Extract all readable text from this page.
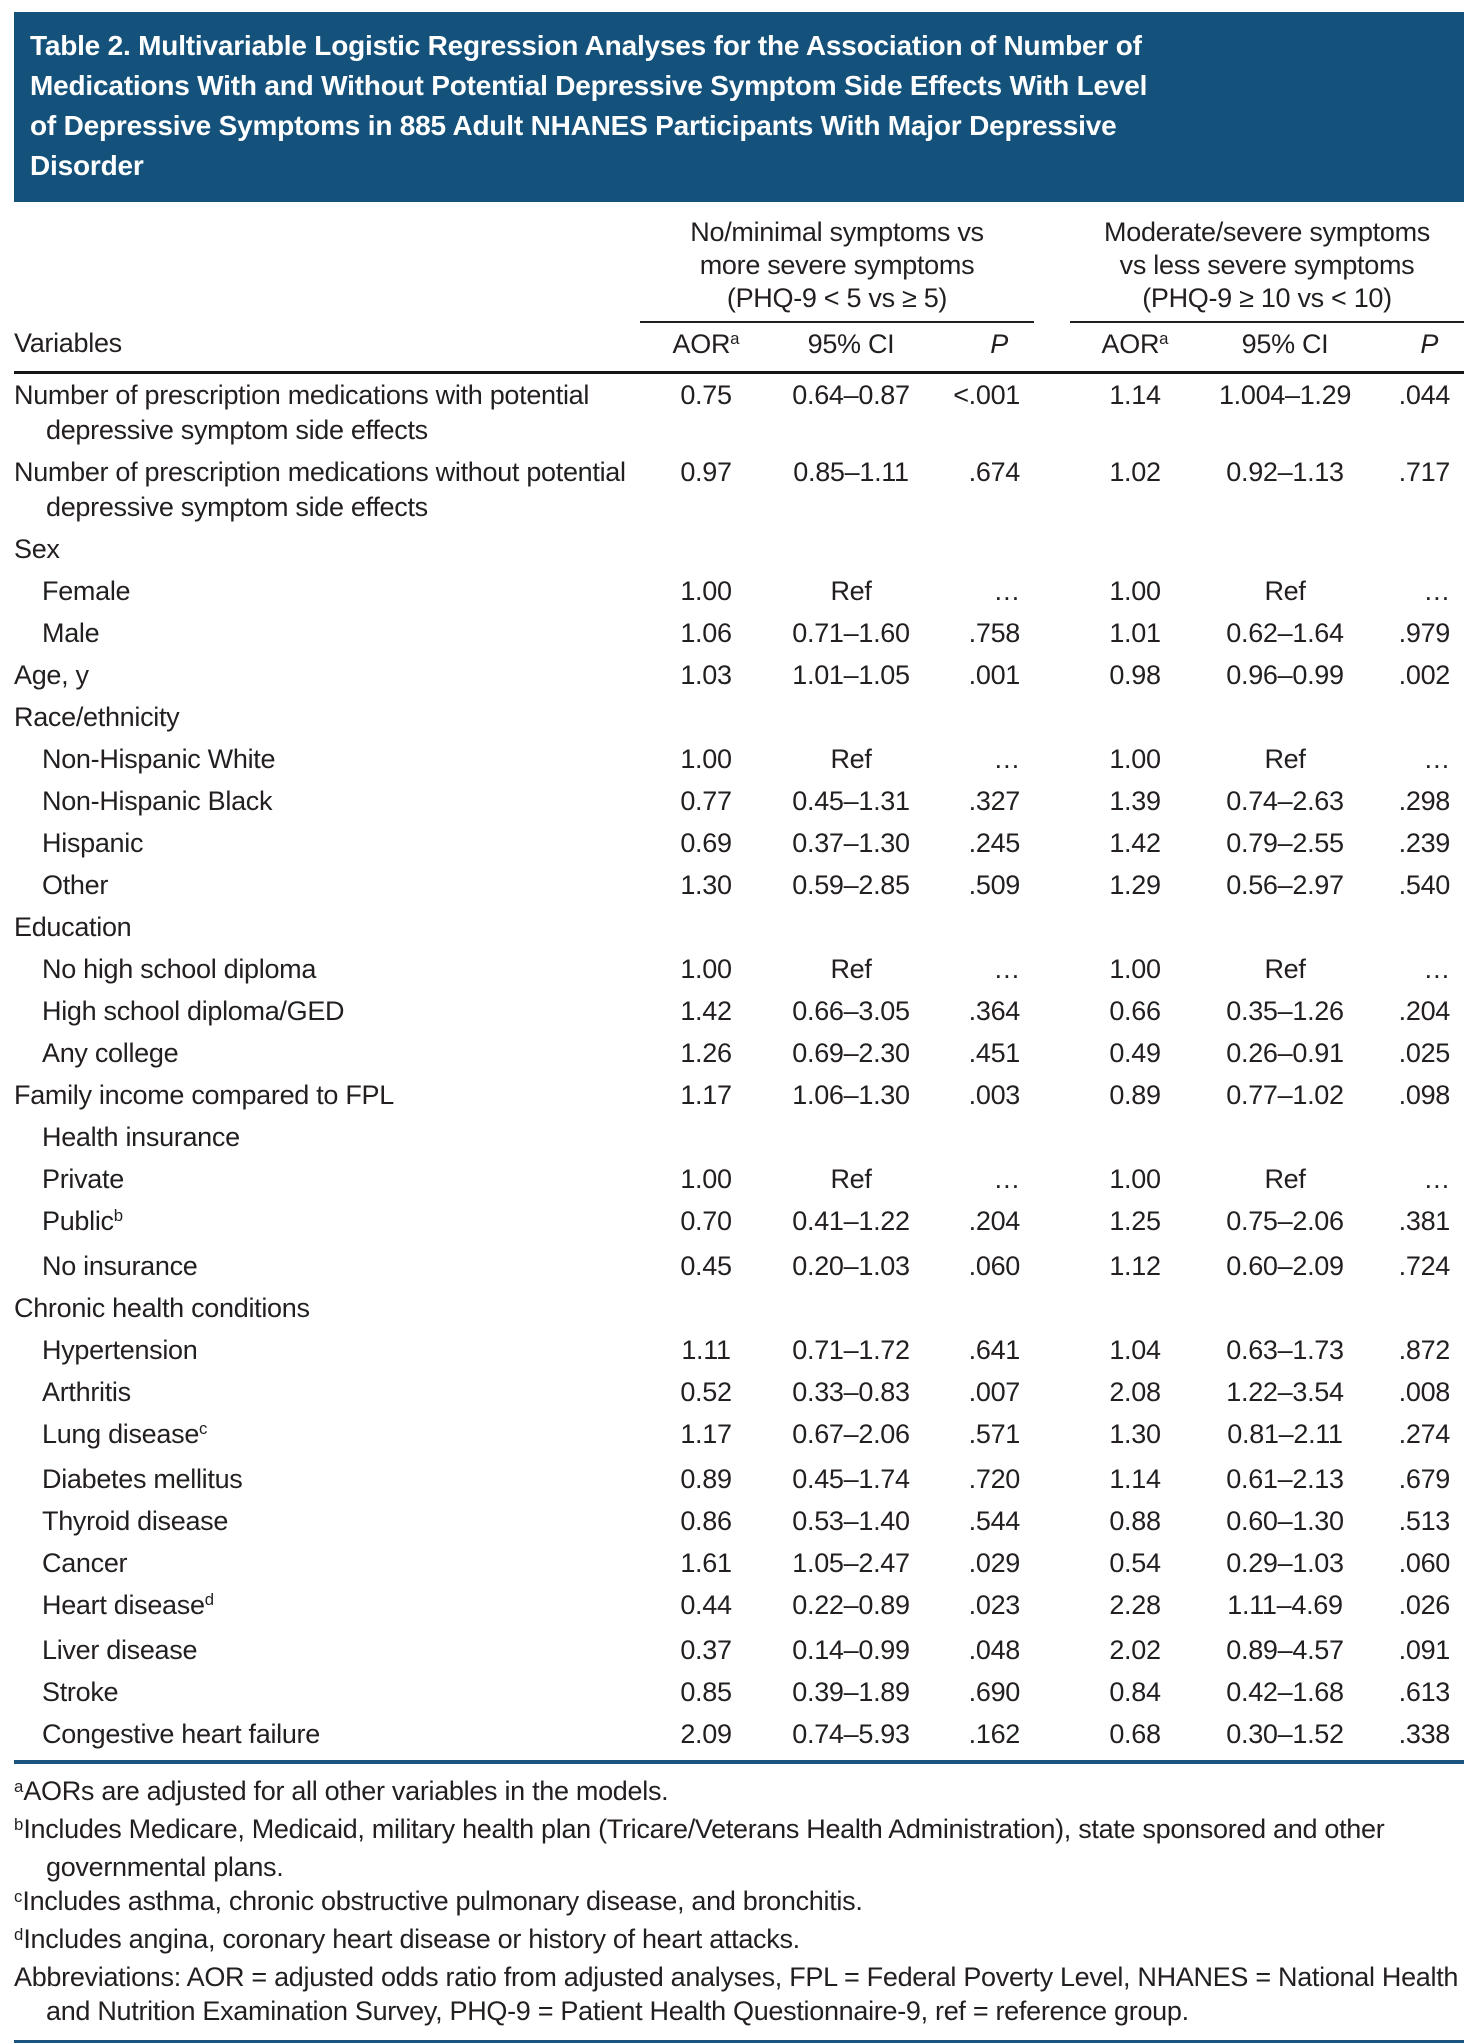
Table 2. Multivariable Logistic Regression Analyses for the Association of Number of
Medications With and Without Potential Depressive Symptom Side Effects With Level
of Depressive Symptoms in 885 Adult NHANES Participants With Major Depressive
Disorder

No/minimal symptoms vs
more severe symptoms
(PHQ-9 < 5 vs ≥ 5)

Moderate/severe symptoms
vs less severe symptoms
(PHQ-9 ≥ 10 vs < 10)

Variables	AOR$^a$	95% CI	P		AOR$^a$	95% CI	P
Number of prescription medications with potential depressive symptom side effects	0.75	0.64–0.87	<.001		1.14	1.004–1.29	.044
Number of prescription medications without potential depressive symptom side effects	0.97	0.85–1.11	.674		1.02	0.92–1.13	.717
Sex							
Female	1.00	Ref	…		1.00	Ref	…
Male	1.06	0.71–1.60	.758		1.01	0.62–1.64	.979
Age, y	1.03	1.01–1.05	.001		0.98	0.96–0.99	.002
Race/ethnicity							
Non-Hispanic White	1.00	Ref	…		1.00	Ref	…
Non-Hispanic Black	0.77	0.45–1.31	.327		1.39	0.74–2.63	.298
Hispanic	0.69	0.37–1.30	.245		1.42	0.79–2.55	.239
Other	1.30	0.59–2.85	.509		1.29	0.56–2.97	.540
Education							
No high school diploma	1.00	Ref	…		1.00	Ref	…
High school diploma/GED	1.42	0.66–3.05	.364		0.66	0.35–1.26	.204
Any college	1.26	0.69–2.30	.451		0.49	0.26–0.91	.025
Family income compared to FPL	1.17	1.06–1.30	.003		0.89	0.77–1.02	.098
Health insurance							
Private	1.00	Ref	…		1.00	Ref	…
Public$^b$	0.70	0.41–1.22	.204		1.25	0.75–2.06	.381
No insurance	0.45	0.20–1.03	.060		1.12	0.60–2.09	.724
Chronic health conditions							
Hypertension	1.11	0.71–1.72	.641		1.04	0.63–1.73	.872
Arthritis	0.52	0.33–0.83	.007		2.08	1.22–3.54	.008
Lung disease$^c$	1.17	0.67–2.06	.571		1.30	0.81–2.11	.274
Diabetes mellitus	0.89	0.45–1.74	.720		1.14	0.61–2.13	.679
Thyroid disease	0.86	0.53–1.40	.544		0.88	0.60–1.30	.513
Cancer	1.61	1.05–2.47	.029		0.54	0.29–1.03	.060
Heart disease$^d$	0.44	0.22–0.89	.023		2.28	1.11–4.69	.026
Liver disease	0.37	0.14–0.99	.048		2.02	0.89–4.57	.091
Stroke	0.85	0.39–1.89	.690		0.84	0.42–1.68	.613
Congestive heart failure	2.09	0.74–5.93	.162		0.68	0.30–1.52	.338
$^a$AORs are adjusted for all other variables in the models.
$^b$Includes Medicare, Medicaid, military health plan (Tricare/Veterans Health Administration), state sponsored and other governmental plans.
$^c$Includes asthma, chronic obstructive pulmonary disease, and bronchitis.
$^d$Includes angina, coronary heart disease or history of heart attacks.
Abbreviations: AOR = adjusted odds ratio from adjusted analyses, FPL = Federal Poverty Level, NHANES = National Health and Nutrition Examination Survey, PHQ-9 = Patient Health Questionnaire-9, ref = reference group.
